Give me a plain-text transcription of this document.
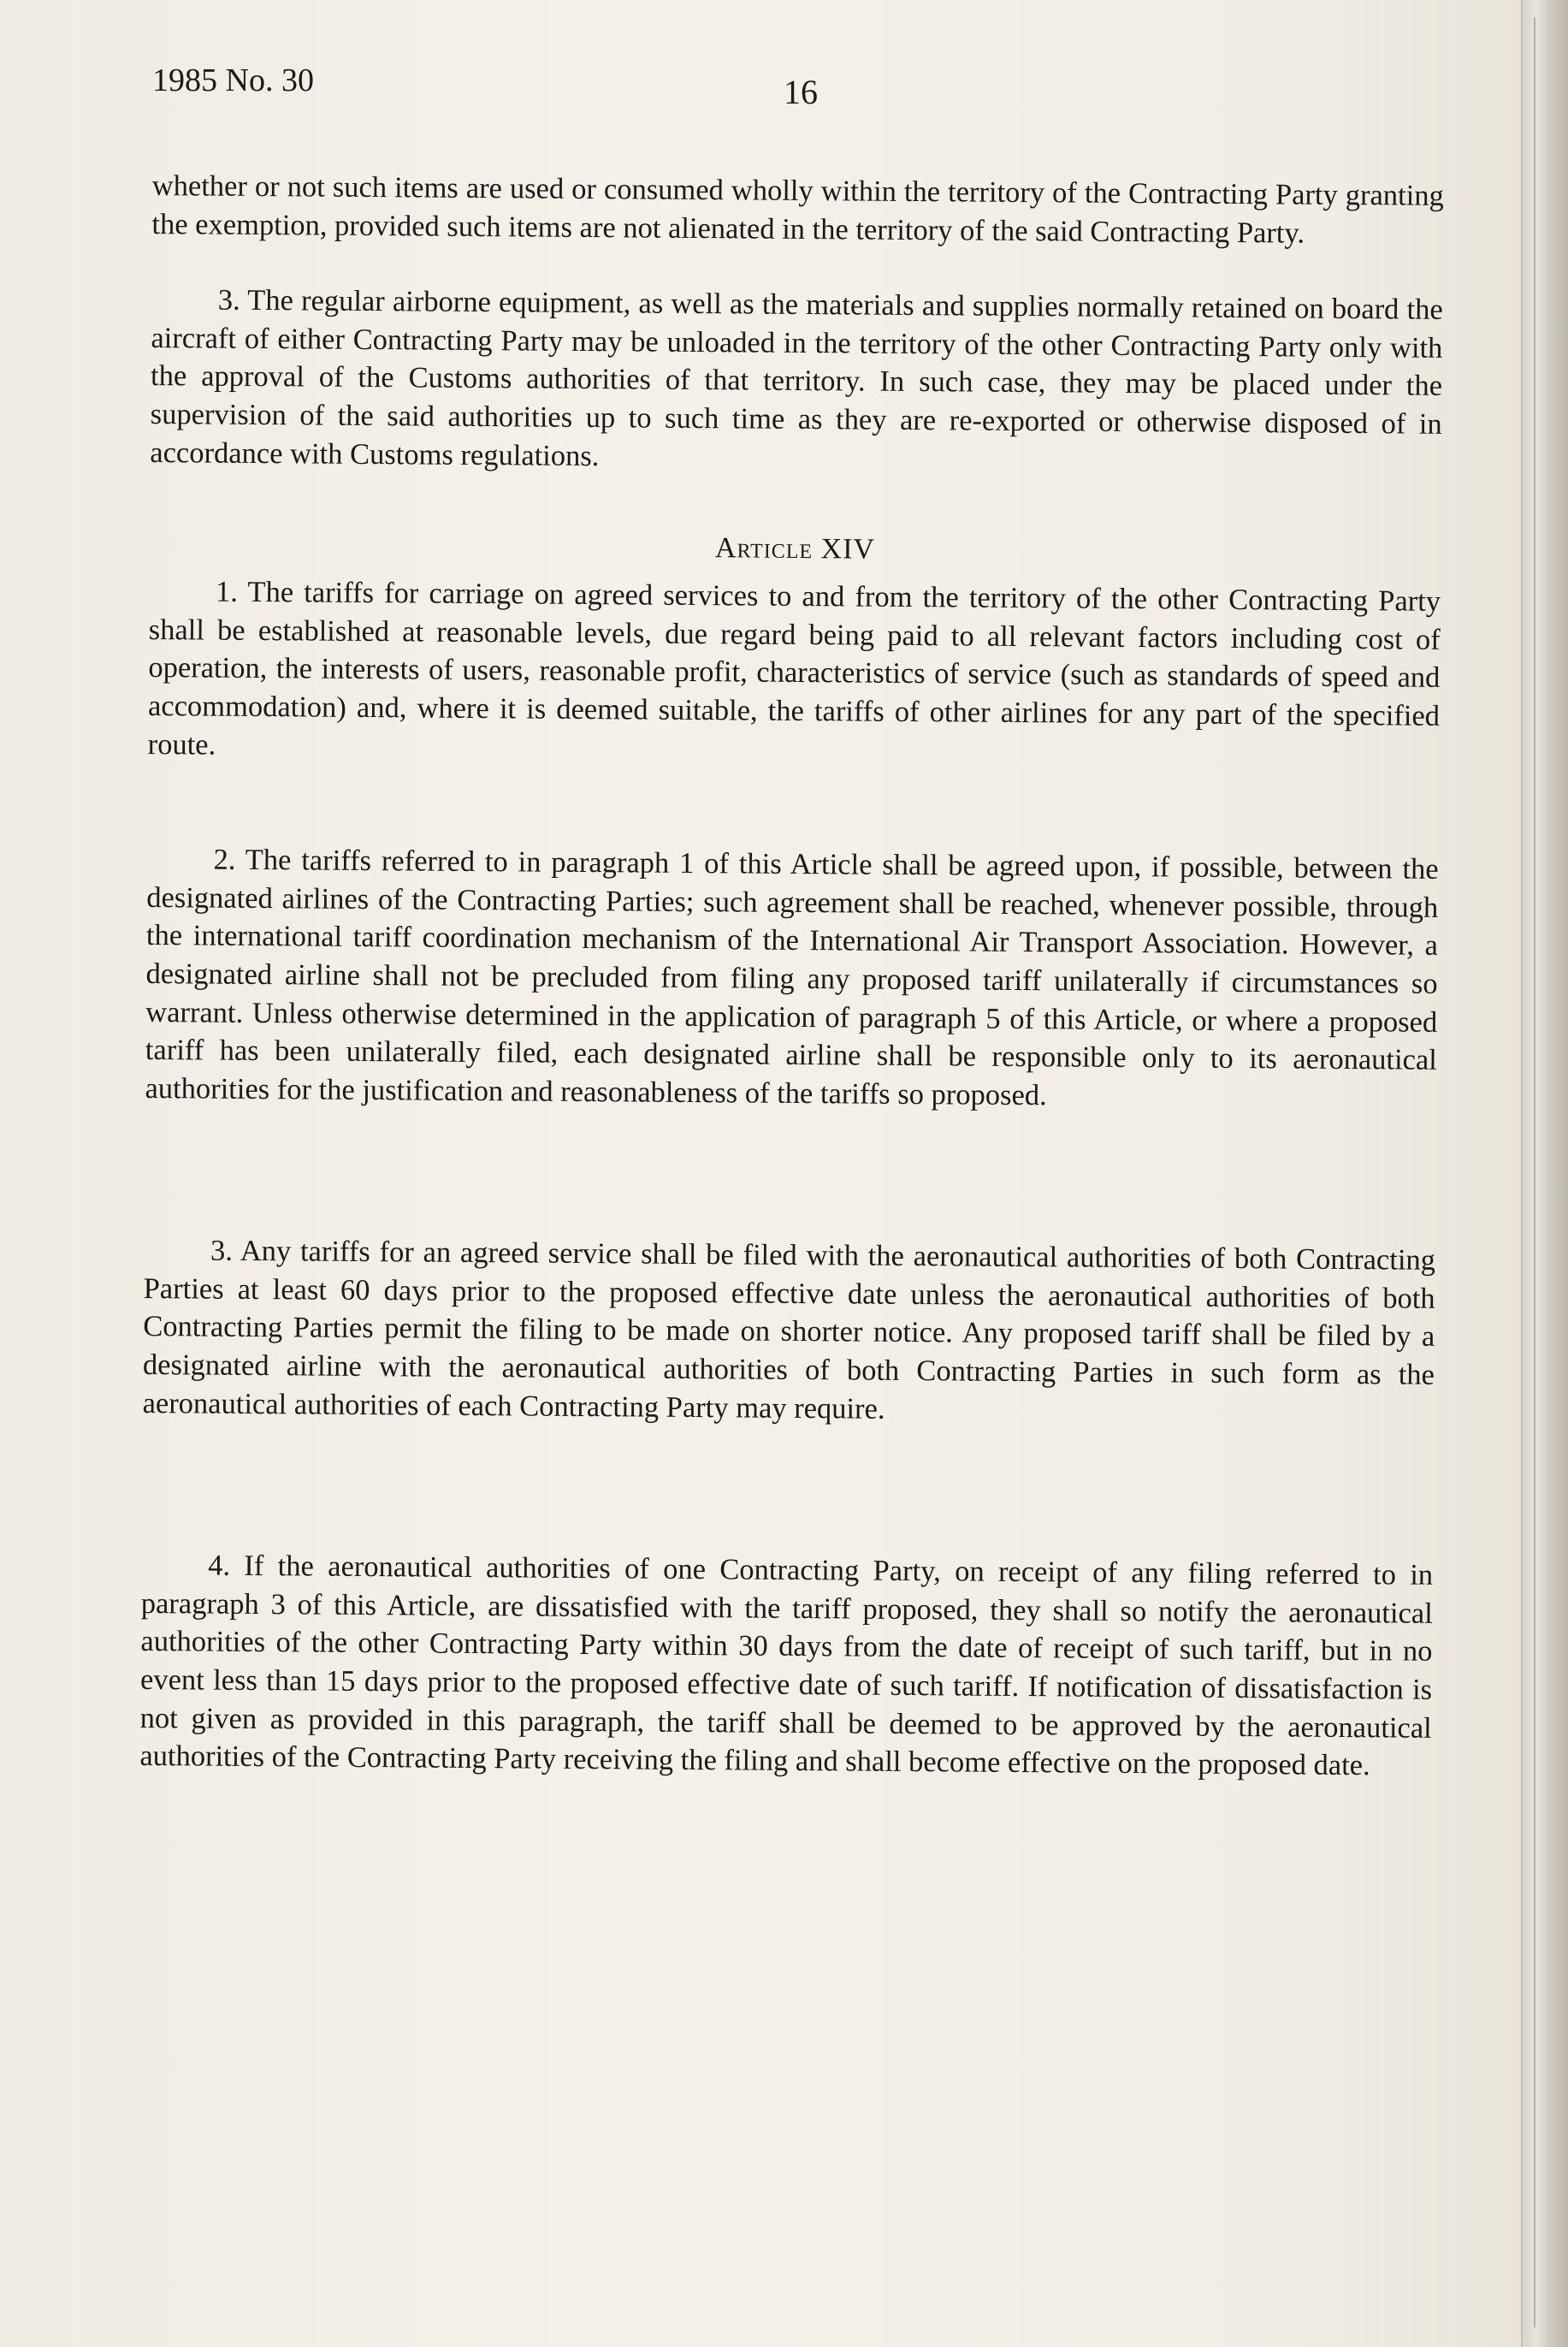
1985 No. 30	16

whether or not such items are used or consumed wholly within the territory of the Contracting Party granting the exemption, provided such items are not alienated in the territory of the said Contracting Party.

3. The regular airborne equipment, as well as the materials and supplies normally retained on board the aircraft of either Contracting Party may be unloaded in the territory of the other Contracting Party only with the approval of the Customs authorities of that territory. In such case, they may be placed under the supervision of the said authorities up to such time as they are re-exported or otherwise disposed of in accordance with Customs regulations.

Article XIV

1. The tariffs for carriage on agreed services to and from the territory of the other Contracting Party shall be established at reasonable levels, due regard being paid to all relevant factors including cost of operation, the interests of users, reasonable profit, characteristics of service (such as standards of speed and accommodation) and, where it is deemed suitable, the tariffs of other airlines for any part of the specified route.

2. The tariffs referred to in paragraph 1 of this Article shall be agreed upon, if possible, between the designated airlines of the Contracting Parties; such agreement shall be reached, whenever possible, through the international tariff coordination mechanism of the International Air Transport Association. However, a designated airline shall not be precluded from filing any proposed tariff unilaterally if circumstances so warrant. Unless otherwise determined in the application of paragraph 5 of this Article, or where a proposed tariff has been unilaterally filed, each designated airline shall be responsible only to its aeronautical authorities for the justification and reasonableness of the tariffs so proposed.

3. Any tariffs for an agreed service shall be filed with the aeronautical authorities of both Contracting Parties at least 60 days prior to the proposed effective date unless the aeronautical authorities of both Contracting Parties permit the filing to be made on shorter notice. Any proposed tariff shall be filed by a designated airline with the aeronautical authorities of both Contracting Parties in such form as the aeronautical authorities of each Contracting Party may require.

4. If the aeronautical authorities of one Contracting Party, on receipt of any filing referred to in paragraph 3 of this Article, are dissatisfied with the tariff proposed, they shall so notify the aeronautical authorities of the other Contracting Party within 30 days from the date of receipt of such tariff, but in no event less than 15 days prior to the proposed effective date of such tariff. If notification of dissatisfaction is not given as provided in this paragraph, the tariff shall be deemed to be approved by the aeronautical authorities of the Contracting Party receiving the filing and shall become effective on the proposed date.
